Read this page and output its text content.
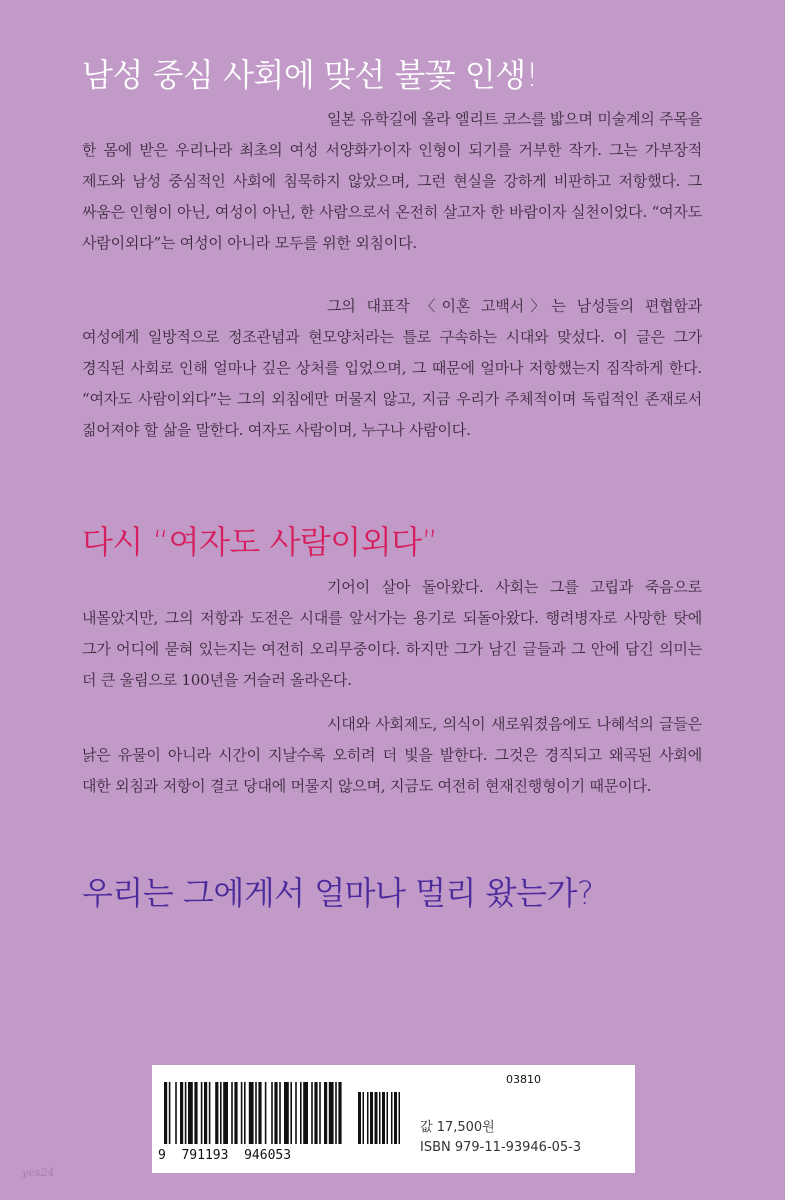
남성 중심 사회에 맞선 불꽃 인생!

일본 유학길에 올라 엘리트 코스를 밟으며 미술계의 주목을 한 몸에 받은 우리나라 최초의 여성 서양화가이자 인형이 되기를 거부한 작가. 그는 가부장적 제도와 남성 중심적인 사회에 침묵하지 않았으며, 그런 현실을 강하게 비판하고 저항했다. 그 싸움은 인형이 아닌, 여성이 아닌, 한 사람으로서 온전히 살고자 한 바람이자 실천이었다. “여자도 사람이외다”는 여성이 아니라 모두를 위한 외침이다.

그의 대표작 〈이혼 고백서〉는 남성들의 편협함과 여성에게 일방적으로 정조관념과 현모양처라는 틀로 구속하는 시대와 맞섰다. 이 글은 그가 경직된 사회로 인해 얼마나 깊은 상처를 입었으며, 그 때문에 얼마나 저항했는지 짐작하게 한다. “여자도 사람이외다”는 그의 외침에만 머물지 않고, 지금 우리가 주체적이며 독립적인 존재로서 짊어져야 할 삶을 말한다. 여자도 사람이며, 누구나 사람이다.

다시 “여자도 사람이외다”

기어이 살아 돌아왔다. 사회는 그를 고립과 죽음으로 내몰았지만, 그의 저항과 도전은 시대를 앞서가는 용기로 되돌아왔다. 행려병자로 사망한 탓에 그가 어디에 묻혀 있는지는 여전히 오리무중이다. 하지만 그가 남긴 글들과 그 안에 담긴 의미는 더 큰 울림으로 100년을 거슬러 올라온다.

시대와 사회제도, 의식이 새로워졌음에도 나혜석의 글들은 낡은 유물이 아니라 시간이 지날수록 오히려 더 빛을 발한다. 그것은 경직되고 왜곡된 사회에 대한 외침과 저항이 결코 당대에 머물지 않으며, 지금도 여전히 현재진행형이기 때문이다.

우리는 그에게서 얼마나 멀리 왔는가?
03810
9  791193  946053
값 17,500원
ISBN 979-11-93946-05-3
yes24
